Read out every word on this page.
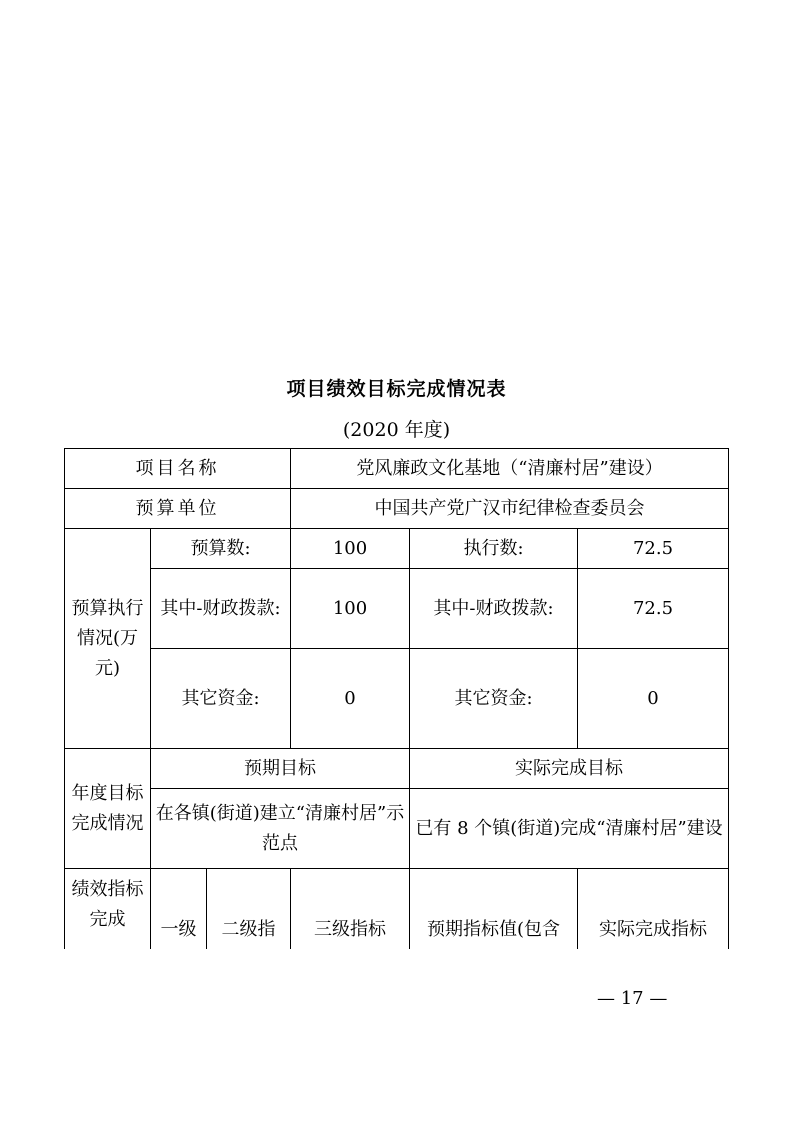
项目绩效目标完成情况表
(2020 年度)
项目名称			党风廉政文化基地（“清廉村居”建设）		
预算单位			中国共产党广汉市纪律检查委员会		
预算执行情况(万元)	预算数:		100	执行数:	72.5
	其中-财政拨款:		100	其中-财政拨款:	72.5
	其它资金:		0	其它资金:	0
年度目标完成情况	预期目标			实际完成目标	
	在各镇(街道)建立“清廉村居”示范点			已有 8 个镇(街道)完成“清廉村居”建设	
绩效指标完成	一级	二级指	三级指标	预期指标值(包含	实际完成指标
— 17 —
